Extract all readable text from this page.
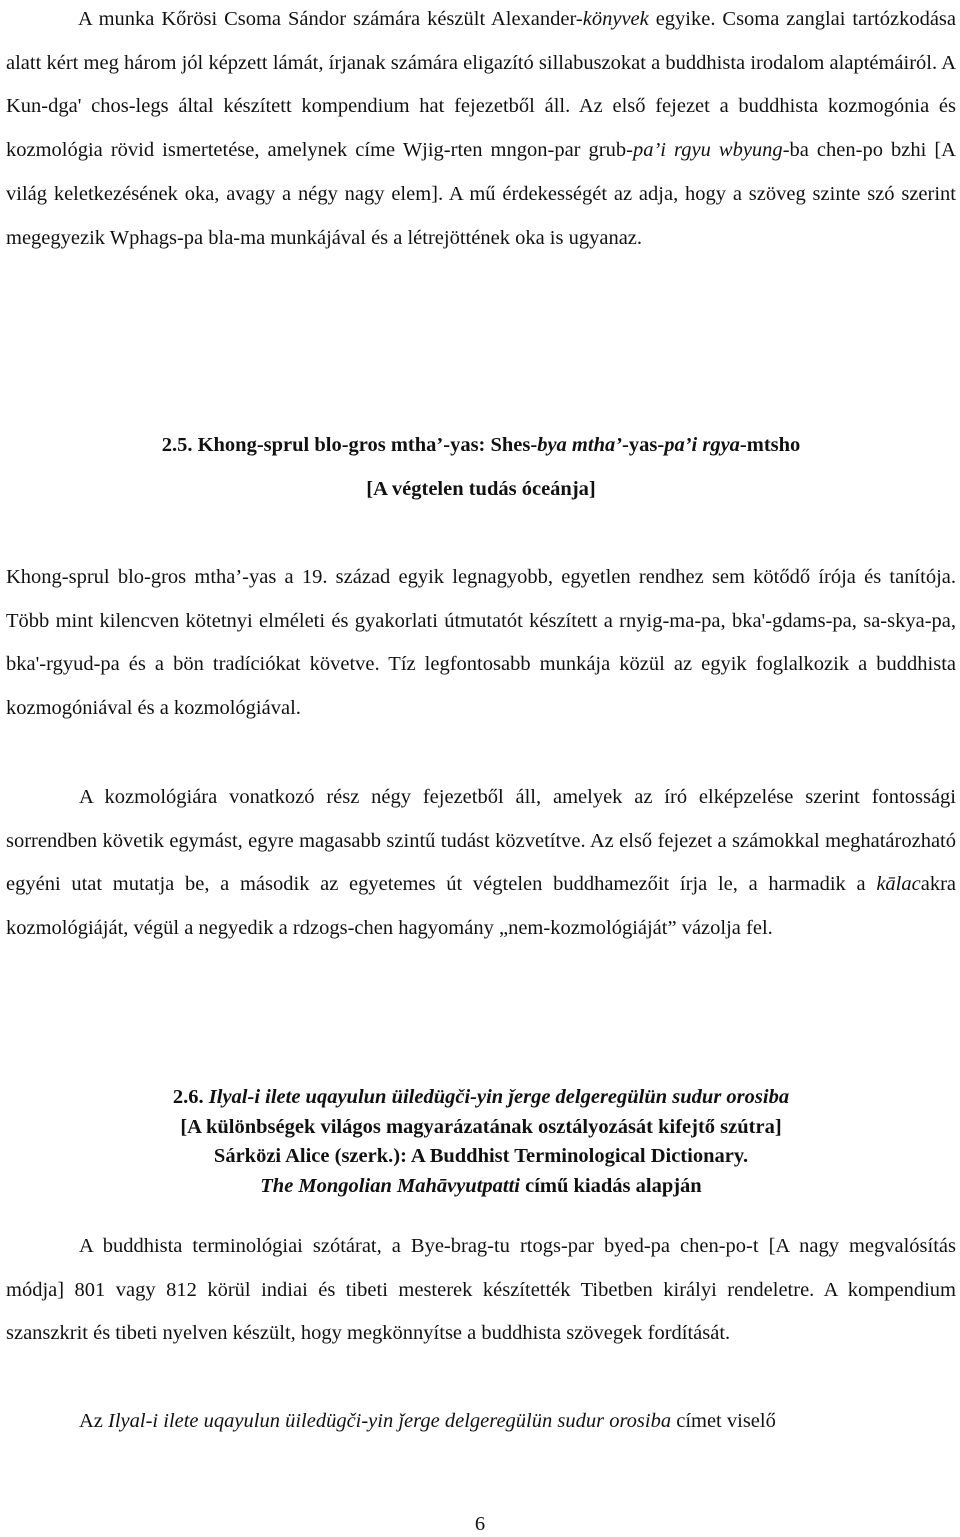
A munka Kőrösi Csoma Sándor számára készült Alexander-könyvek egyike. Csoma zanglai tartózkodása alatt kért meg három jól képzett lámát, írjanak számára eligazító sillabuszokat a buddhista irodalom alaptémáiról. A Kun-dga' chos-legs által készített kompendium hat fejezetből áll. Az első fejezet a buddhista kozmogónia és kozmológia rövid ismertetése, amelynek címe Wjig-rten mngon-par grub-pa’i rgyu wbyung-ba chen-po bzhi [A világ keletkezésének oka, avagy a négy nagy elem]. A mű érdekességét az adja, hogy a szöveg szinte szó szerint megegyezik Wphags-pa bla-ma munkájával és a létrejöttének oka is ugyanaz.

2.5. Khong-sprul blo-gros mtha’-yas: Shes-bya mtha’-yas-pa’i rgya-mtsho
[A végtelen tudás óceánja]

Khong-sprul blo-gros mtha’-yas a 19. század egyik legnagyobb, egyetlen rendhez sem kötődő írója és tanítója. Több mint kilencven kötetnyi elméleti és gyakorlati útmutatót készített a rnyig-ma-pa, bka'-gdams-pa, sa-skya-pa, bka'-rgyud-pa és a bön tradíciókat követve. Tíz legfontosabb munkája közül az egyik foglalkozik a buddhista kozmogóniával és a kozmológiával.

A kozmológiára vonatkozó rész négy fejezetből áll, amelyek az író elképzelése szerint fontossági sorrendben követik egymást, egyre magasabb szintű tudást közvetítve. Az első fejezet a számokkal meghatározható egyéni utat mutatja be, a második az egyetemes út végtelen buddhamezőit írja le, a harmadik a kālacakra kozmológiáját, végül a negyedik a rdzogs-chen hagyomány „nem-kozmológiáját” vázolja fel.

2.6. Ilyal-i ilete uqayulun üiledügči-yin ǰerge delgeregülün sudur orosiba
[A különbségek világos magyarázatának osztályozását kifejtő szútra]
Sárközi Alice (szerk.): A Buddhist Terminological Dictionary.
The Mongolian Mahāvyutpatti című kiadás alapján

A buddhista terminológiai szótárat, a Bye-brag-tu rtogs-par byed-pa chen-po-t [A nagy megvalósítás módja] 801 vagy 812 körül indiai és tibeti mesterek készítették Tibetben királyi rendeletre. A kompendium szanszkrit és tibeti nyelven készült, hogy megkönnyítse a buddhista szövegek fordítását.

Az Ilyal-i ilete uqayulun üiledügči-yin ǰerge delgeregülün sudur orosiba címet viselő

6
